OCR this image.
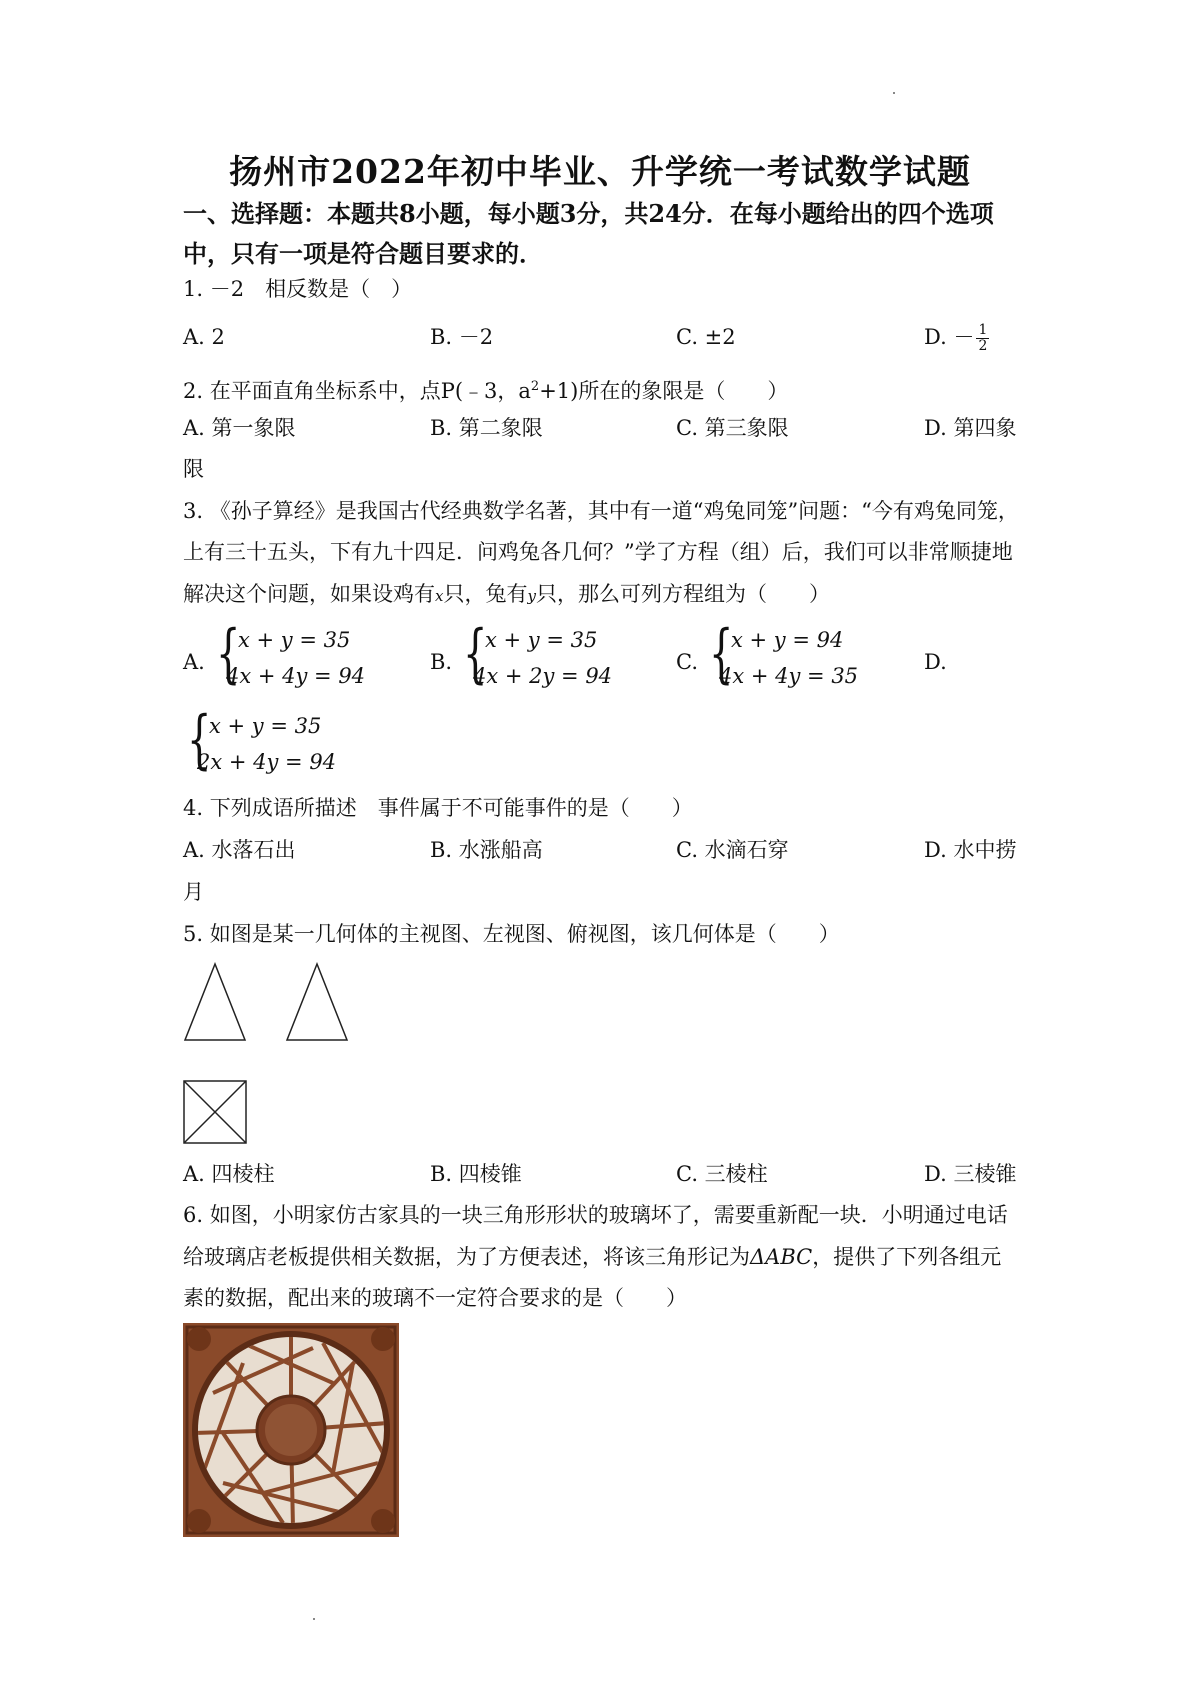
扬州市2022年初中毕业、升学统一考试数学试题
一、选择题：本题共8小题，每小题3分，共24分．在每小题给出的四个选项
中，只有一项是符合题目要求的．
1. －2　相反数是（　）
A. 2	B. －2	C. ±2	D. － $\frac{1}{2}$
2. 在平面直角坐标系中，点P(﹣3，$a^2+1$)所在的象限是（　　）
A. 第一象限	B. 第二象限	C. 第三象限	D. 第四象
限
3. 《孙子算经》是我国古代经典数学名著，其中有一道“鸡兔同笼”问题：“今有鸡兔同笼，
上有三十五头，下有九十四足．问鸡兔各几何？”学了方程（组）后，我们可以非常顺捷地
解决这个问题，如果设鸡有x只，兔有y只，那么可列方程组为（　　）
A. {
x + y = 35
4x + 4y = 94
B. {
x + y = 35
4x + 2y = 94
C. {
x + y = 94
4x + 4y = 35
D.
{
x + y = 35
2x + 4y = 94
4. 下列成语所描述　事件属于不可能事件的是（　　）
A. 水落石出	B. 水涨船高	C. 水滴石穿	D. 水中捞
月
5. 如图是某一几何体的主视图、左视图、俯视图，该几何体是（　　）
A. 四棱柱	B. 四棱锥	C. 三棱柱	D. 三棱锥
6. 如图，小明家仿古家具的一块三角形形状的玻璃坏了，需要重新配一块．小明通过电话
给玻璃店老板提供相关数据，为了方便表述，将该三角形记为ΔABC，提供了下列各组元
素的数据，配出来的玻璃不一定符合要求的是（　　）
